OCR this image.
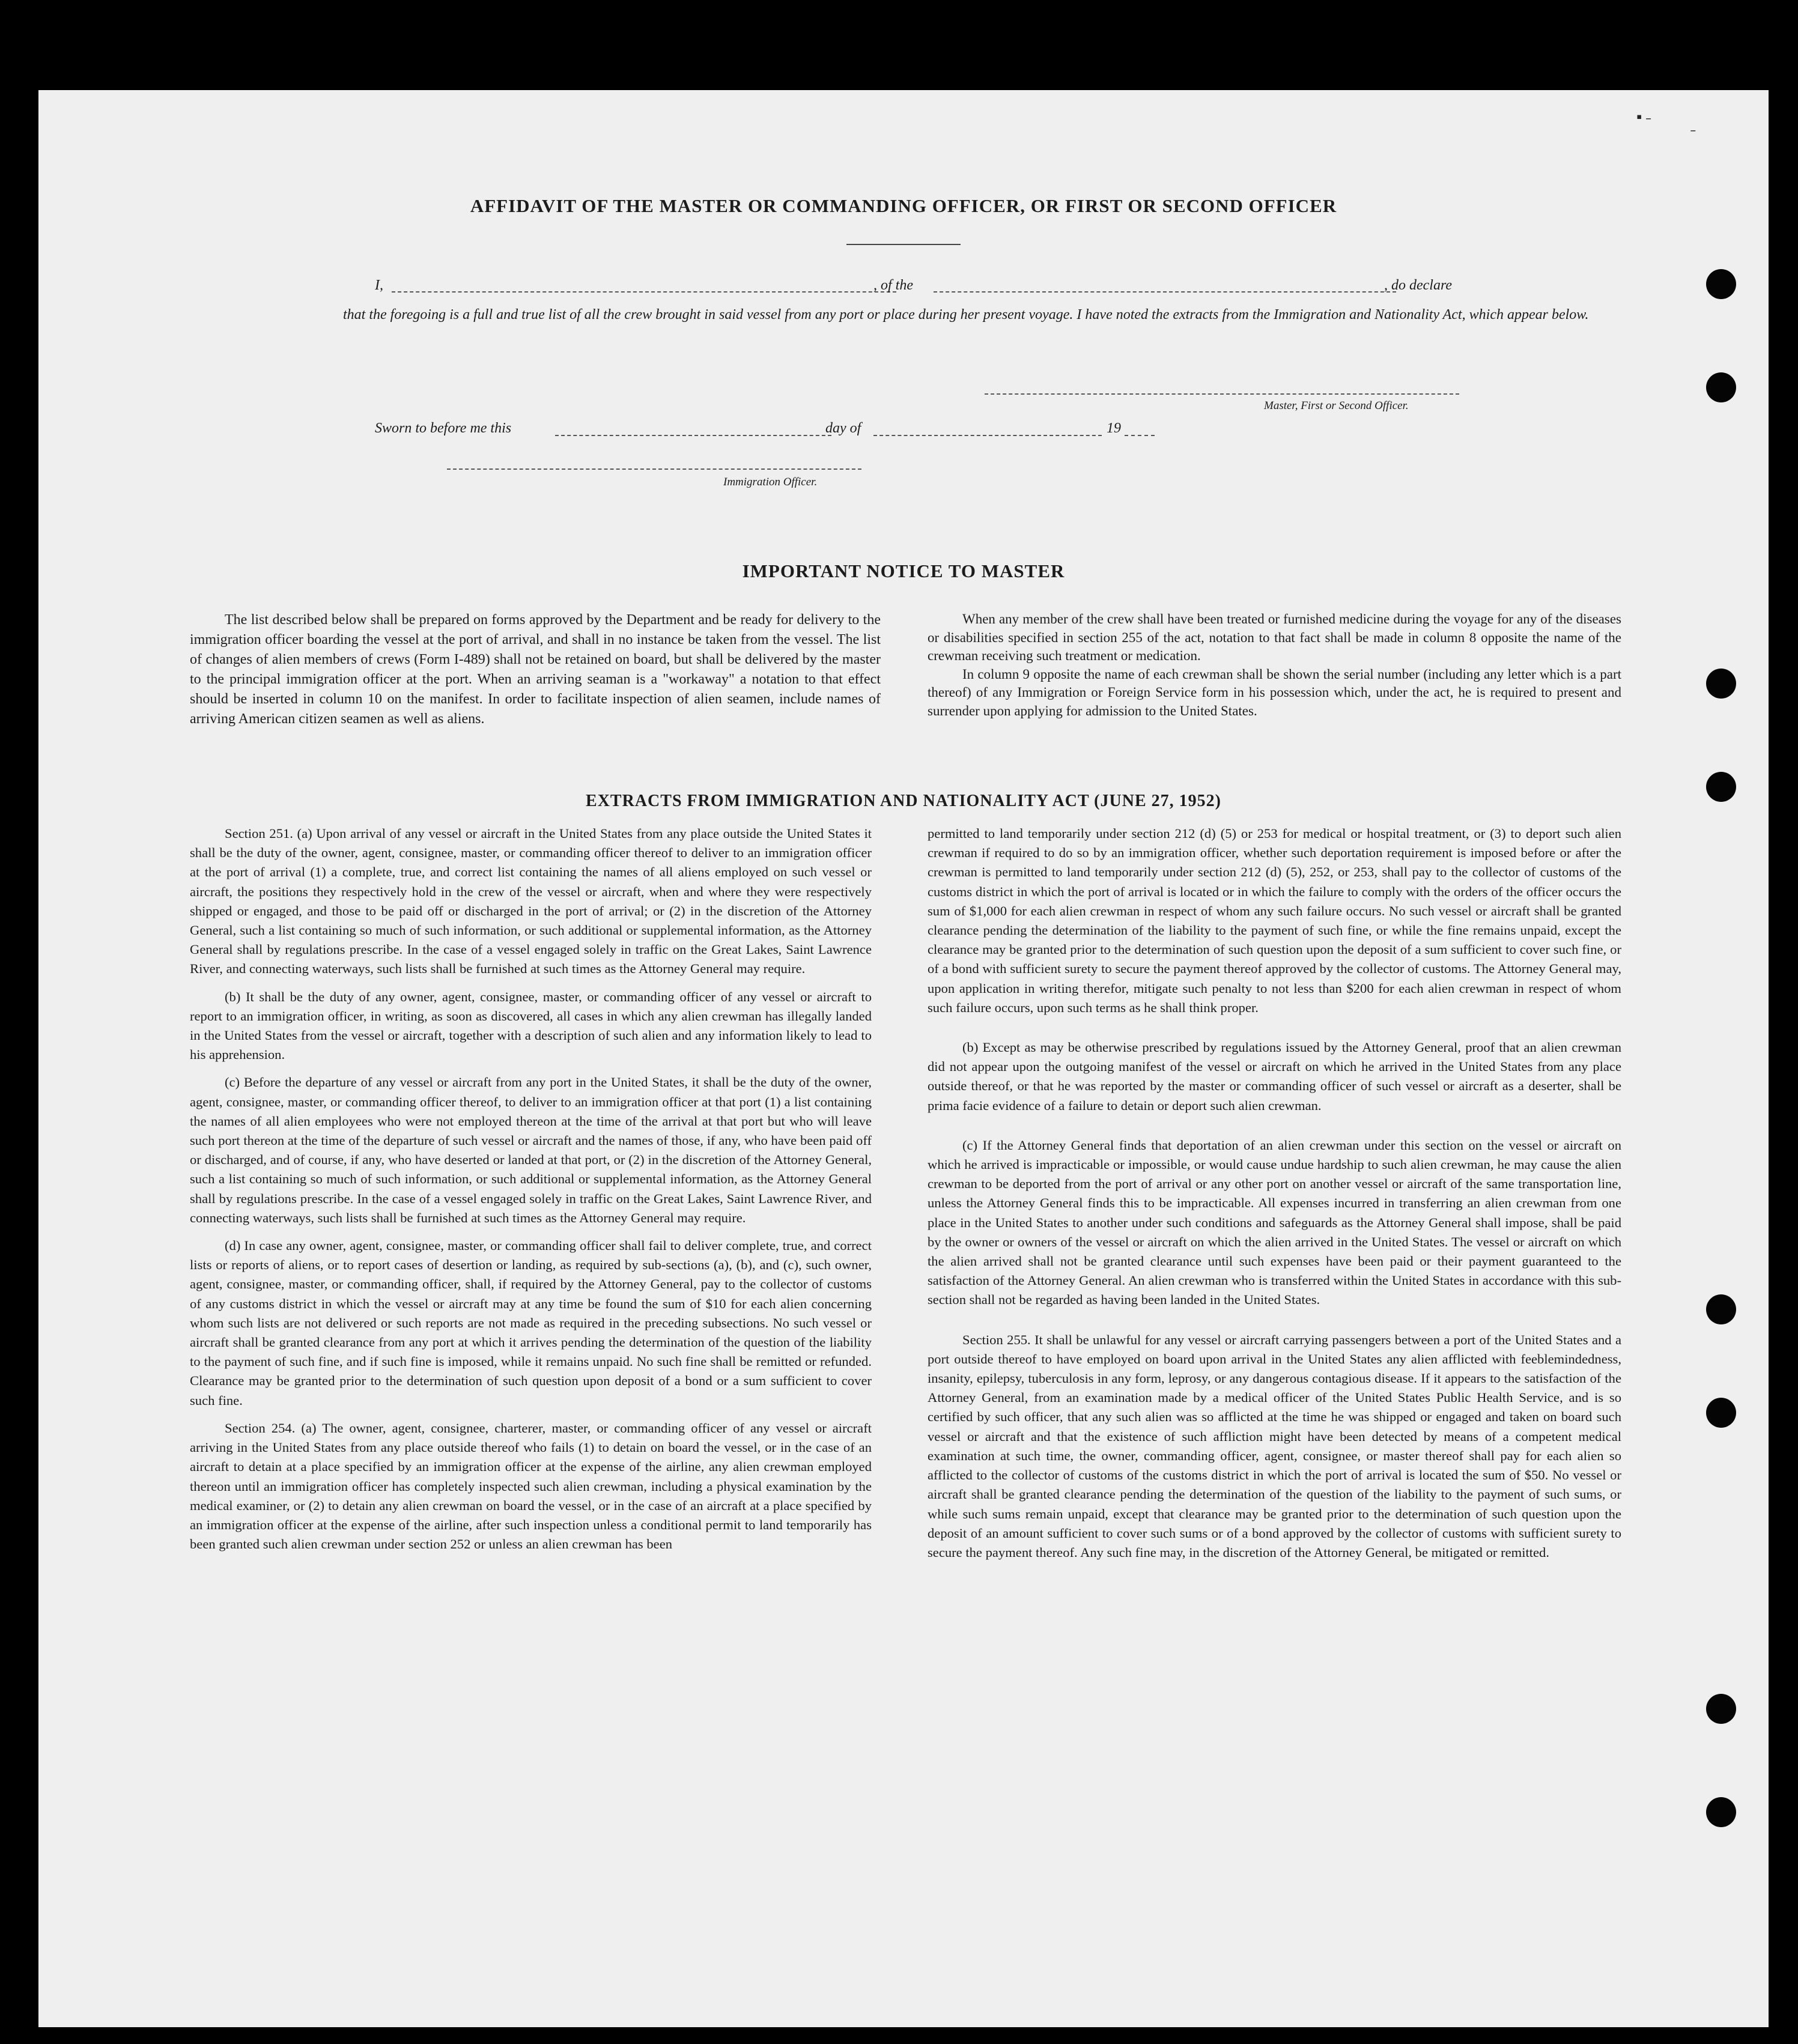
▪ ˗
˗
AFFIDAVIT OF THE MASTER OR COMMANDING OFFICER, OR FIRST OR SECOND OFFICER
I,	, of the	, do declare
that the foregoing is a full and true list of all the crew brought in said vessel from any port or place during her present voyage. I have noted the extracts from the Immigration and Nationality Act, which appear below.
Master, First or Second Officer.
Sworn to before me this	day of	19
Immigration Officer.
IMPORTANT NOTICE TO MASTER

The list described below shall be prepared on forms approved by the Department and be ready for delivery to the immigration officer boarding the vessel at the port of arrival, and shall in no instance be taken from the vessel. The list of changes of alien members of crews (Form I-489) shall not be retained on board, but shall be delivered by the master to the principal immigration officer at the port. When an arriving seaman is a "workaway" a notation to that effect should be inserted in column 10 on the manifest. In order to facilitate inspection of alien seamen, include names of arriving American citizen seamen as well as aliens.

When any member of the crew shall have been treated or furnished medicine during the voyage for any of the diseases or disabilities specified in section 255 of the act, notation to that fact shall be made in column 8 opposite the name of the crewman receiving such treatment or medication.

In column 9 opposite the name of each crewman shall be shown the serial number (including any letter which is a part thereof) of any Immigration or Foreign Service form in his possession which, under the act, he is required to present and surrender upon applying for admission to the United States.

EXTRACTS FROM IMMIGRATION AND NATIONALITY ACT (JUNE 27, 1952)

Section 251. (a) Upon arrival of any vessel or aircraft in the United States from any place outside the United States it shall be the duty of the owner, agent, consignee, master, or commanding officer thereof to deliver to an immigration officer at the port of arrival (1) a complete, true, and correct list containing the names of all aliens employed on such vessel or aircraft, the positions they respectively hold in the crew of the vessel or aircraft, when and where they were respectively shipped or engaged, and those to be paid off or discharged in the port of arrival; or (2) in the discretion of the Attorney General, such a list containing so much of such information, or such additional or supplemental information, as the Attorney General shall by regulations prescribe. In the case of a vessel engaged solely in traffic on the Great Lakes, Saint Lawrence River, and connecting waterways, such lists shall be furnished at such times as the Attorney General may require.

(b) It shall be the duty of any owner, agent, consignee, master, or commanding officer of any vessel or aircraft to report to an immigration officer, in writing, as soon as discovered, all cases in which any alien crewman has illegally landed in the United States from the vessel or aircraft, together with a description of such alien and any information likely to lead to his apprehension.

(c) Before the departure of any vessel or aircraft from any port in the United States, it shall be the duty of the owner, agent, consignee, master, or commanding officer thereof, to deliver to an immigration officer at that port (1) a list containing the names of all alien employees who were not employed thereon at the time of the arrival at that port but who will leave such port thereon at the time of the departure of such vessel or aircraft and the names of those, if any, who have been paid off or discharged, and of course, if any, who have deserted or landed at that port, or (2) in the discretion of the Attorney General, such a list containing so much of such information, or such additional or supplemental information, as the Attorney General shall by regulations prescribe. In the case of a vessel engaged solely in traffic on the Great Lakes, Saint Lawrence River, and connecting waterways, such lists shall be furnished at such times as the Attorney General may require.

(d) In case any owner, agent, consignee, master, or commanding officer shall fail to deliver complete, true, and correct lists or reports of aliens, or to report cases of desertion or landing, as required by sub-sections (a), (b), and (c), such owner, agent, consignee, master, or commanding officer, shall, if required by the Attorney General, pay to the collector of customs of any customs district in which the vessel or aircraft may at any time be found the sum of $10 for each alien concerning whom such lists are not delivered or such reports are not made as required in the preceding subsections. No such vessel or aircraft shall be granted clearance from any port at which it arrives pending the determination of the question of the liability to the payment of such fine, and if such fine is imposed, while it remains unpaid. No such fine shall be remitted or refunded. Clearance may be granted prior to the determination of such question upon deposit of a bond or a sum sufficient to cover such fine.

Section 254. (a) The owner, agent, consignee, charterer, master, or commanding officer of any vessel or aircraft arriving in the United States from any place outside thereof who fails (1) to detain on board the vessel, or in the case of an aircraft to detain at a place specified by an immigration officer at the expense of the airline, any alien crewman employed thereon until an immigration officer has completely inspected such alien crewman, including a physical examination by the medical examiner, or (2) to detain any alien crewman on board the vessel, or in the case of an aircraft at a place specified by an immigration officer at the expense of the airline, after such inspection unless a conditional permit to land temporarily has been granted such alien crewman under section 252 or unless an alien crewman has been

permitted to land temporarily under section 212 (d) (5) or 253 for medical or hospital treatment, or (3) to deport such alien crewman if required to do so by an immigration officer, whether such deportation requirement is imposed before or after the crewman is permitted to land temporarily under section 212 (d) (5), 252, or 253, shall pay to the collector of customs of the customs district in which the port of arrival is located or in which the failure to comply with the orders of the officer occurs the sum of $1,000 for each alien crewman in respect of whom any such failure occurs. No such vessel or aircraft shall be granted clearance pending the determination of the liability to the payment of such fine, or while the fine remains unpaid, except the clearance may be granted prior to the determination of such question upon the deposit of a sum sufficient to cover such fine, or of a bond with sufficient surety to secure the payment thereof approved by the collector of customs. The Attorney General may, upon application in writing therefor, mitigate such penalty to not less than $200 for each alien crewman in respect of whom such failure occurs, upon such terms as he shall think proper.

(b) Except as may be otherwise prescribed by regulations issued by the Attorney General, proof that an alien crewman did not appear upon the outgoing manifest of the vessel or aircraft on which he arrived in the United States from any place outside thereof, or that he was reported by the master or commanding officer of such vessel or aircraft as a deserter, shall be prima facie evidence of a failure to detain or deport such alien crewman.

(c) If the Attorney General finds that deportation of an alien crewman under this section on the vessel or aircraft on which he arrived is impracticable or impossible, or would cause undue hardship to such alien crewman, he may cause the alien crewman to be deported from the port of arrival or any other port on another vessel or aircraft of the same transportation line, unless the Attorney General finds this to be impracticable. All expenses incurred in transferring an alien crewman from one place in the United States to another under such conditions and safeguards as the Attorney General shall impose, shall be paid by the owner or owners of the vessel or aircraft on which the alien arrived in the United States. The vessel or aircraft on which the alien arrived shall not be granted clearance until such expenses have been paid or their payment guaranteed to the satisfaction of the Attorney General. An alien crewman who is transferred within the United States in accordance with this sub-section shall not be regarded as having been landed in the United States.

Section 255. It shall be unlawful for any vessel or aircraft carrying passengers between a port of the United States and a port outside thereof to have employed on board upon arrival in the United States any alien afflicted with feeblemindedness, insanity, epilepsy, tuberculosis in any form, leprosy, or any dangerous contagious disease. If it appears to the satisfaction of the Attorney General, from an examination made by a medical officer of the United States Public Health Service, and is so certified by such officer, that any such alien was so afflicted at the time he was shipped or engaged and taken on board such vessel or aircraft and that the existence of such affliction might have been detected by means of a competent medical examination at such time, the owner, commanding officer, agent, consignee, or master thereof shall pay for each alien so afflicted to the collector of customs of the customs district in which the port of arrival is located the sum of $50. No vessel or aircraft shall be granted clearance pending the determination of the question of the liability to the payment of such sums, or while such sums remain unpaid, except that clearance may be granted prior to the determination of such question upon the deposit of an amount sufficient to cover such sums or of a bond approved by the collector of customs with sufficient surety to secure the payment thereof. Any such fine may, in the discretion of the Attorney General, be mitigated or remitted.
